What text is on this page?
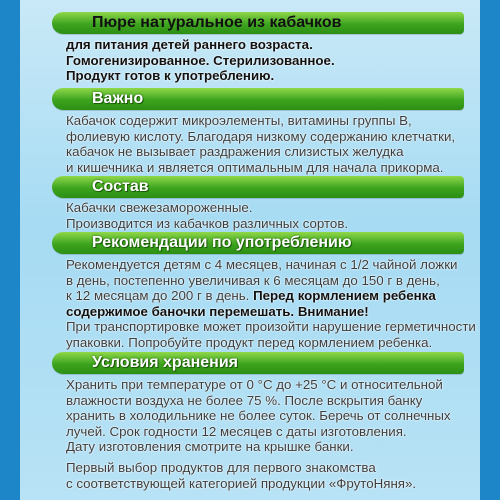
Пюре натуральное из кабачков
для питания детей раннего возраста.
Гомогенизированное. Стерилизованное.
Продукт готов к употреблению.
Важно
Кабачок содержит микроэлементы, витамины группы В,
фолиевую кислоту. Благодаря низкому содержанию клетчатки,
кабачок не вызывает раздражения слизистых желудка
и кишечника и является оптимальным для начала прикорма.
Состав
Кабачки свежезамороженные.
Производится из кабачков различных сортов.
Рекомендации по употреблению
Рекомендуется детям с 4 месяцев, начиная с 1/2 чайной ложки
в день, постепенно увеличивая к 6 месяцам до 150 г в день,
к 12 месяцам до 200 г в день. Перед кормлением ребенка
содержимое баночки перемешать. Внимание!
При транспортировке может произойти нарушение герметичности
упаковки. Попробуйте продукт перед кормлением ребенка.
Условия хранения
Хранить при температуре от 0 °С до +25 °С и относительной
влажности воздуха не более 75 %. После вскрытия банку
хранить в холодильнике не более суток. Беречь от солнечных
лучей. Срок годности 12 месяцев с даты изготовления.
Дату изготовления смотрите на крышке банки.
Первый выбор продуктов для первого знакомства
с соответствующей категорией продукции «ФрутоНяня».
